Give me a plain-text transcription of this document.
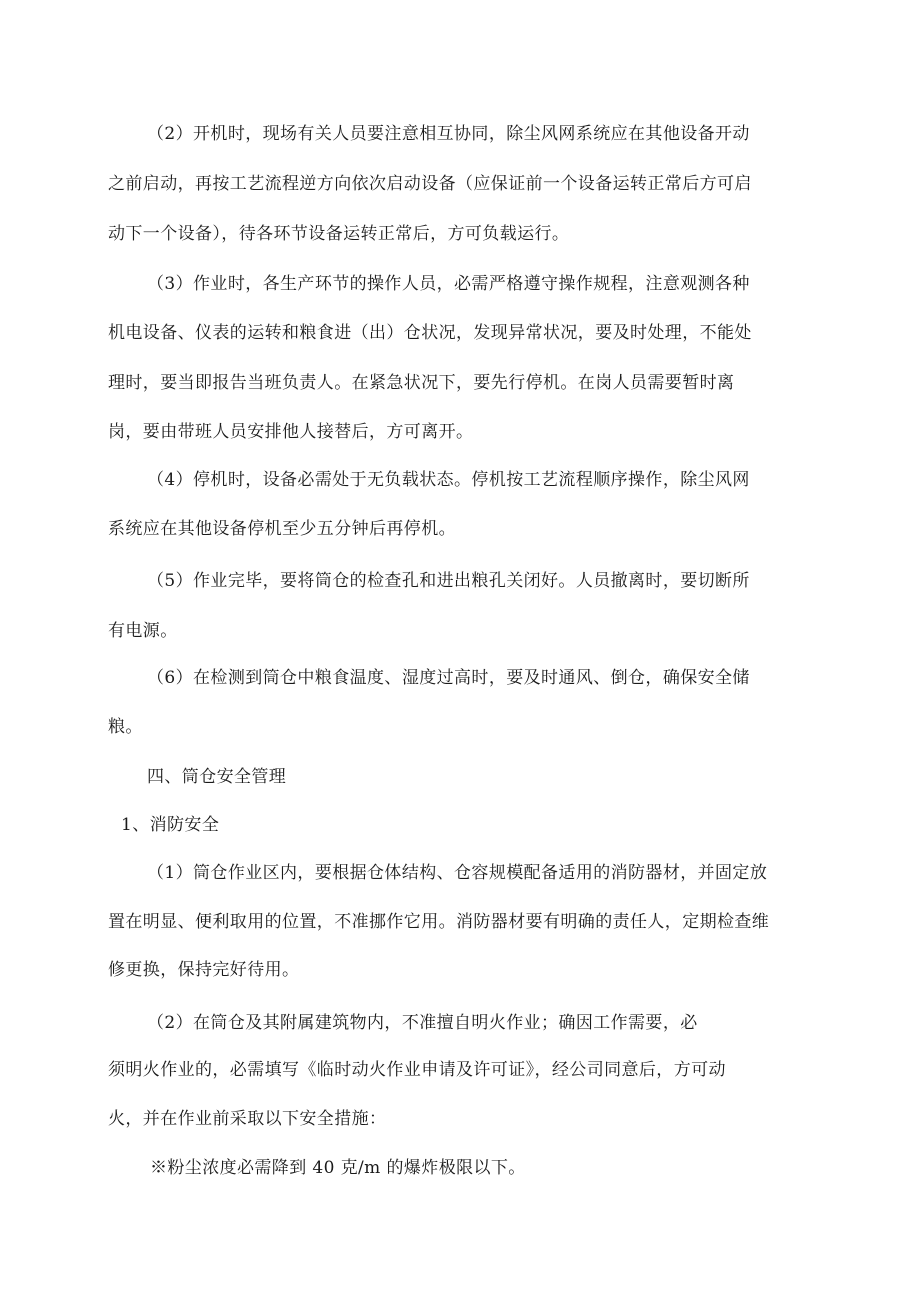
（2）开机时，现场有关人员要注意相互协同，除尘风网系统应在其他设备开动
之前启动，再按工艺流程逆方向依次启动设备（应保证前一个设备运转正常后方可启
动下一个设备），待各环节设备运转正常后，方可负载运行。
（3）作业时，各生产环节的操作人员，必需严格遵守操作规程，注意观测各种
机电设备、仪表的运转和粮食进（出）仓状况，发现异常状况，要及时处理，不能处
理时，要当即报告当班负责人。在紧急状况下，要先行停机。在岗人员需要暂时离
岗，要由带班人员安排他人接替后，方可离开。
（4）停机时，设备必需处于无负载状态。停机按工艺流程顺序操作，除尘风网
系统应在其他设备停机至少五分钟后再停机。
（5）作业完毕，要将筒仓的检查孔和进出粮孔关闭好。人员撤离时，要切断所
有电源。
（6）在检测到筒仓中粮食温度、湿度过高时，要及时通风、倒仓，确保安全储
粮。
四、筒仓安全管理
1、消防安全
（1）筒仓作业区内，要根据仓体结构、仓容规模配备适用的消防器材，并固定放
置在明显、便利取用的位置，不准挪作它用。消防器材要有明确的责任人，定期检查维
修更换，保持完好待用。
（2）在筒仓及其附属建筑物内，不准擅自明火作业；确因工作需要，必
须明火作业的，必需填写《临时动火作业申请及许可证》，经公司同意后，方可动
火，并在作业前采取以下安全措施：
※粉尘浓度必需降到 40 克/m 的爆炸极限以下。
